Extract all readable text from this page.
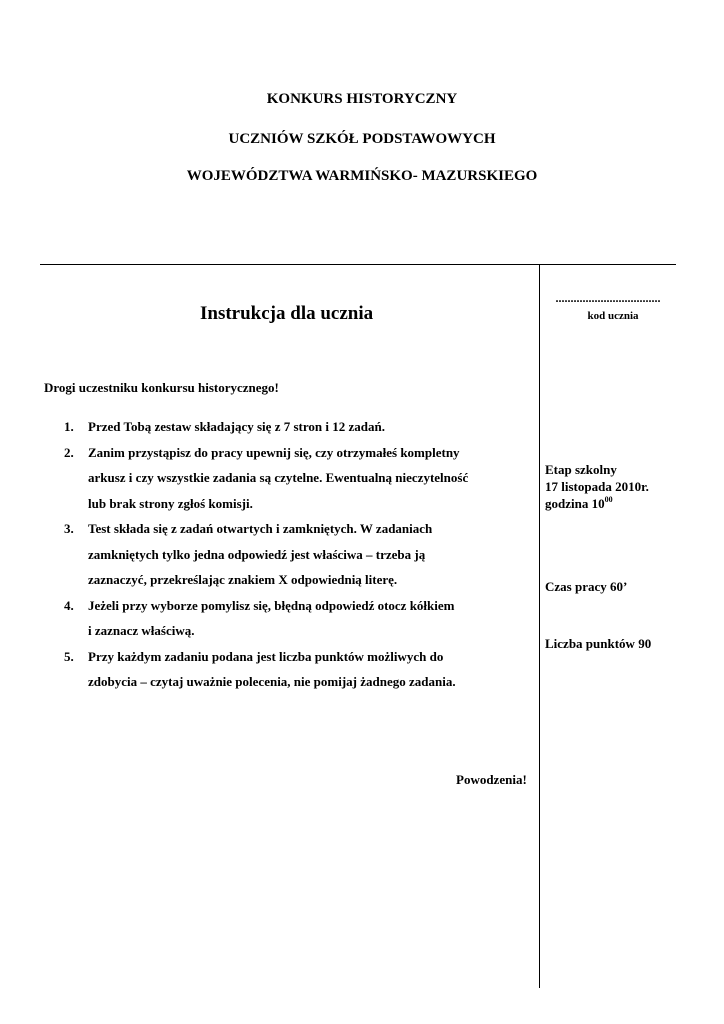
KONKURS HISTORYCZNY
UCZNIÓW SZKÓŁ PODSTAWOWYCH
WOJEWÓDZTWA WARMIŃSKO- MAZURSKIEGO
Instrukcja dla ucznia
...................................
kod ucznia
Drogi uczestniku konkursu historycznego!
1. Przed Tobą zestaw składający się z 7 stron i 12 zadań.
2. Zanim przystąpisz do pracy upewnij się, czy otrzymałeś kompletny
arkusz i czy wszystkie zadania są czytelne. Ewentualną nieczytelność
lub brak strony zgłoś komisji.
3. Test składa się z zadań otwartych i zamkniętych. W zadaniach
zamkniętych tylko jedna odpowiedź jest właściwa – trzeba ją
zaznaczyć, przekreślając znakiem X odpowiednią literę.
4. Jeżeli przy wyborze pomylisz się, błędną odpowiedź otocz kółkiem
i zaznacz właściwą.
5. Przy każdym zadaniu podana jest liczba punktów możliwych do
zdobycia – czytaj uważnie polecenia, nie pomijaj żadnego zadania.
Powodzenia!
Etap szkolny
17 listopada 2010r.
godzina $10^{00}$
Czas pracy 60’
Liczba punktów 90
